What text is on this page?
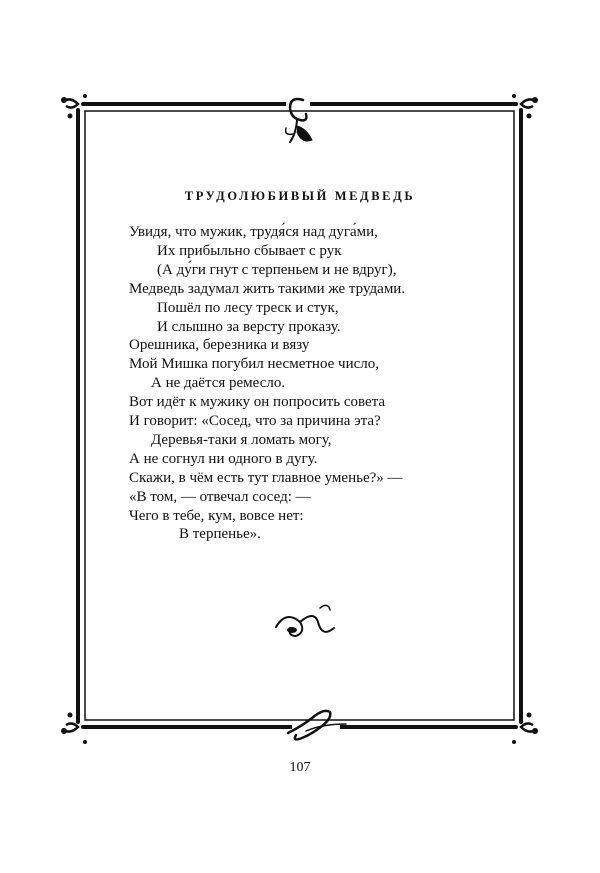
ТРУДОЛЮБИВЫЙ МЕДВЕДЬ
Увидя, что мужик, трудя́ся над дуга́ми,
Их прибыльно сбывает с рук
(А ду́ги гнут с терпеньем и не вдруг),
Медведь задумал жить такими же трудами.
Пошёл по лесу треск и стук,
И слышно за версту проказу.
Орешника, березника и вязу
Мой Мишка погубил несметное число,
А не даётся ремесло.
Вот идёт к мужику он попросить совета
И говорит: «Сосед, что за причина эта?
Деревья-таки я ломать могу,
А не согнул ни одного в дугу.
Скажи, в чём есть тут главное уменье?» —
«В том, — отвечал сосед: —
Чего в тебе, кум, вовсе нет:
В терпенье».
107
